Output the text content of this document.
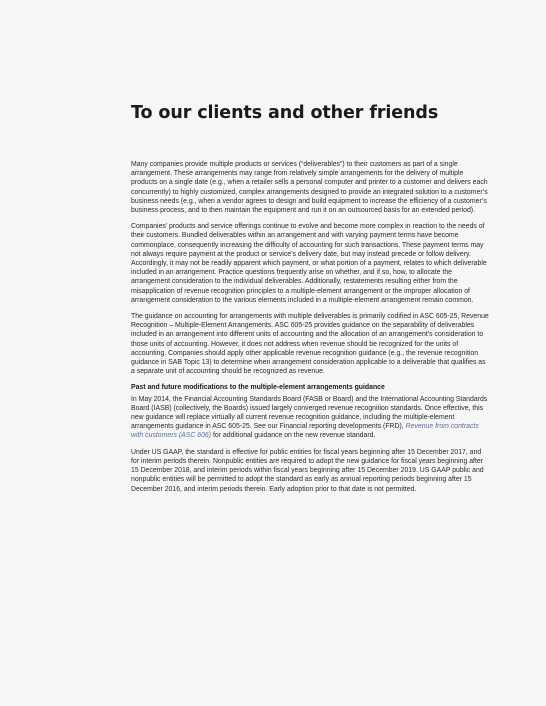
To our clients and other friends

Many companies provide multiple products or services (“deliverables”) to their customers as part of a single arrangement. These arrangements may range from relatively simple arrangements for the delivery of multiple products on a single date (e.g., when a retailer sells a personal computer and printer to a customer and delivers each concurrently) to highly customized, complex arrangements designed to provide an integrated solution to a customer’s business needs (e.g., when a vendor agrees to design and build equipment to increase the efficiency of a customer’s business process, and to then maintain the equipment and run it on an outsourced basis for an extended period).

Companies’ products and service offerings continue to evolve and become more complex in reaction to the needs of their customers. Bundled deliverables within an arrangement and with varying payment terms have become commonplace, consequently increasing the difficulty of accounting for such transactions. These payment terms may not always require payment at the product or service’s delivery date, but may instead precede or follow delivery. Accordingly, it may not be readily apparent which payment, or what portion of a payment, relates to which deliverable included in an arrangement. Practice questions frequently arise on whether, and if so, how, to allocate the arrangement consideration to the individual deliverables. Additionally, restatements resulting either from the misapplication of revenue recognition principles to a multiple-element arrangement or the improper allocation of arrangement consideration to the various elements included in a multiple-element arrangement remain common.

The guidance on accounting for arrangements with multiple deliverables is primarily codified in ASC 605-25, Revenue Recognition – Multiple-Element Arrangements. ASC 605-25 provides guidance on the separability of deliverables included in an arrangement into different units of accounting and the allocation of an arrangement’s consideration to those units of accounting. However, it does not address when revenue should be recognized for the units of accounting. Companies should apply other applicable revenue recognition guidance (e.g., the revenue recognition guidance in SAB Topic 13) to determine when arrangement consideration applicable to a deliverable that qualifies as a separate unit of accounting should be recognized as revenue.

Past and future modifications to the multiple-element arrangements guidance

In May 2014, the Financial Accounting Standards Board (FASB or Board) and the International Accounting Standards Board (IASB) (collectively, the Boards) issued largely converged revenue recognition standards. Once effective, this new guidance will replace virtually all current revenue recognition guidance, including the multiple-element arrangements guidance in ASC 605-25. See our Financial reporting developments (FRD), Revenue from contracts with customers (ASC 606) for additional guidance on the new revenue standard.

Under US GAAP, the standard is effective for public entities for fiscal years beginning after 15 December 2017, and for interim periods therein. Nonpublic entities are required to adopt the new guidance for fiscal years beginning after 15 December 2018, and interim periods within fiscal years beginning after 15 December 2019. US GAAP public and nonpublic entities will be permitted to adopt the standard as early as annual reporting periods beginning after 15 December 2016, and interim periods therein. Early adoption prior to that date is not permitted.
